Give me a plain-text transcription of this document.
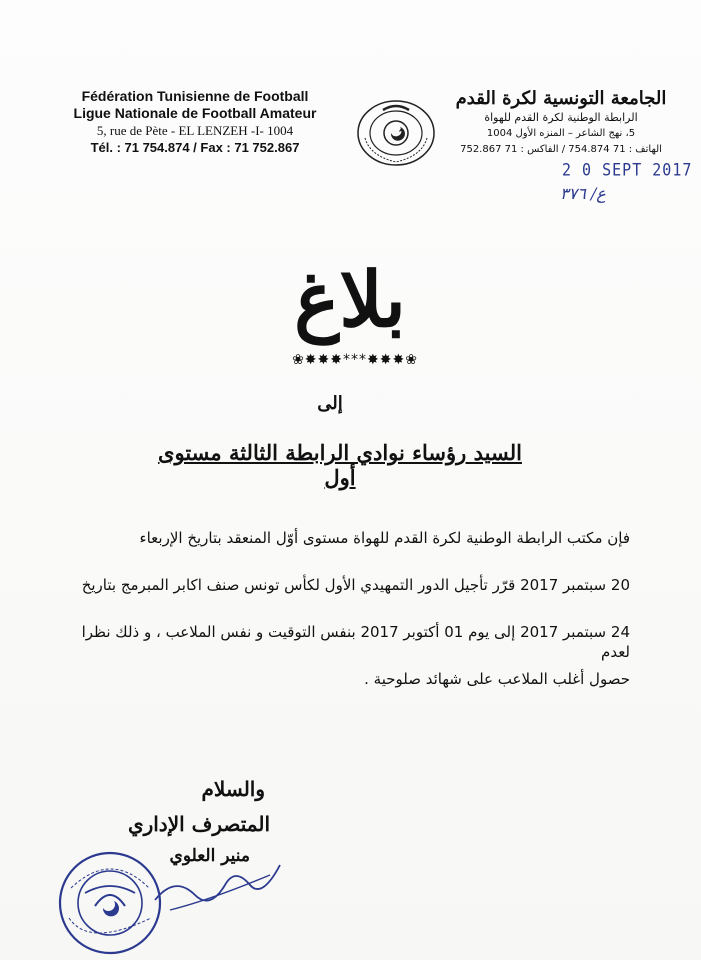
Fédération Tunisienne de Football
Ligue Nationale de Football Amateur
5, rue de Pète - EL LENZEH -I- 1004
Tél. : 71 754.874 / Fax : 71 752.867
الجامعة التونسية لكرة القدم
الرابطة الوطنية لكرة القدم للهواة
5، نهج الشاعر – المنزه الأول 1004
الهاتف : 71 754.874 / الفاكس : 71 752.867
2 0 SEPT 2017
ع/ ٣٧٦
بلاغ
❀✸✸✸***✸✸✸❀
إلى
السيد رؤساء نوادي الرابطة الثالثة مستوى أول
فإن مكتب الرابطة الوطنية لكرة القدم للهواة مستوى أوّل المنعقد بتاريخ الإربعاء
20 سبتمبر 2017 قرّر تأجيل الدور التمهيدي الأول لكأس تونس صنف اكابر المبرمج بتاريخ
24 سبتمبر 2017 إلى يوم 01 أكتوبر 2017 بنفس التوقيت و نفس الملاعب ، و ذلك نظرا لعدم
حصول أغلب الملاعب على شهائد صلوحية .
والسلام
المتصرف الإداري
منير العلوي
